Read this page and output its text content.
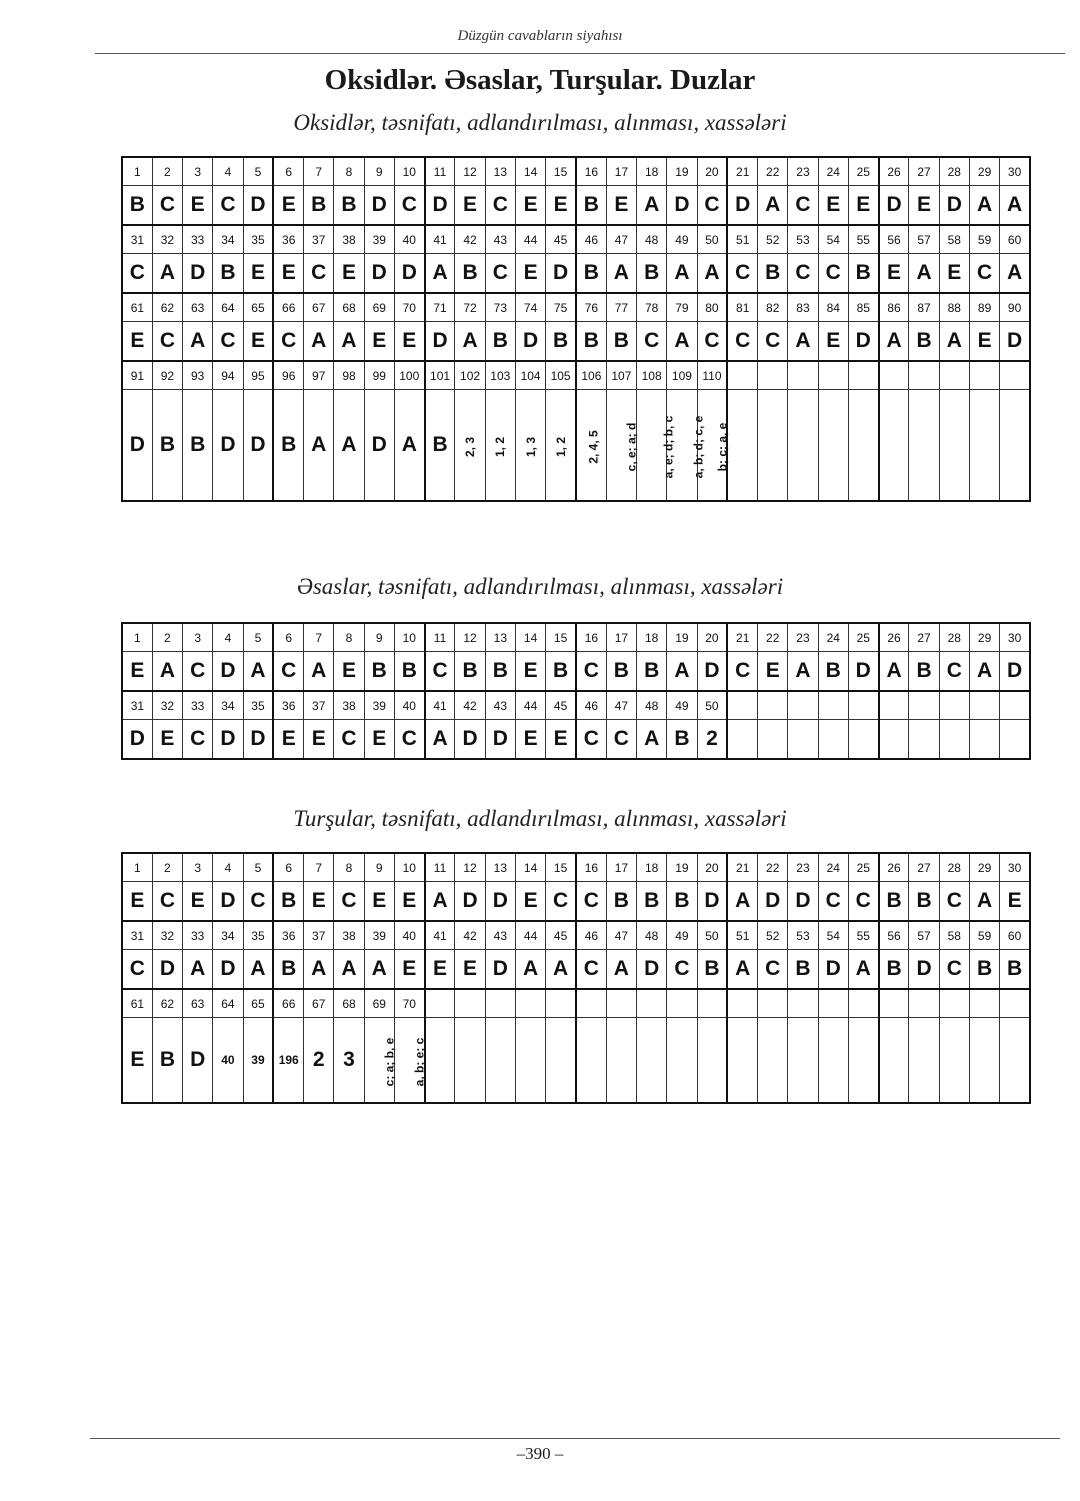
Düzgün cavabların siyahısı
Oksidlər. Əsaslar, Turşular. Duzlar
Oksidlər, təsnifatı, adlandırılması, alınması, xassələri
1	2	3	4	5	6	7	8	9	10	11	12	13	14	15	16	17	18	19	20	21	22	23	24	25	26	27	28	29	30
B	C	E	C	D	E	B	B	D	C	D	E	C	E	E	B	E	A	D	C	D	A	C	E	E	D	E	D	A	A
31	32	33	34	35	36	37	38	39	40	41	42	43	44	45	46	47	48	49	50	51	52	53	54	55	56	57	58	59	60
C	A	D	B	E	E	C	E	D	D	A	B	C	E	D	B	A	B	A	A	C	B	C	C	B	E	A	E	C	A
61	62	63	64	65	66	67	68	69	70	71	72	73	74	75	76	77	78	79	80	81	82	83	84	85	86	87	88	89	90
E	C	A	C	E	C	A	A	E	E	D	A	B	D	B	B	B	C	A	C	C	C	A	E	D	A	B	A	E	D
91	92	93	94	95	96	97	98	99	100	101	102	103	104	105	106	107	108	109	110										
D	B	B	D	D	B	A	A	D	A	B	2, 3	1, 2	1, 3	1, 2	2, 4, 5	c, e; a; d	a, e; d; b, c	a, b; d; c, e	b; c; a, e										
Əsaslar, təsnifatı, adlandırılması, alınması, xassələri
1	2	3	4	5	6	7	8	9	10	11	12	13	14	15	16	17	18	19	20	21	22	23	24	25	26	27	28	29	30
E	A	C	D	A	C	A	E	B	B	C	B	B	E	B	C	B	B	A	D	C	E	A	B	D	A	B	C	A	D
31	32	33	34	35	36	37	38	39	40	41	42	43	44	45	46	47	48	49	50										
D	E	C	D	D	E	E	C	E	C	A	D	D	E	E	C	C	A	B	2										
Turşular, təsnifatı, adlandırılması, alınması, xassələri
1	2	3	4	5	6	7	8	9	10	11	12	13	14	15	16	17	18	19	20	21	22	23	24	25	26	27	28	29	30
E	C	E	D	C	B	E	C	E	E	A	D	D	E	C	C	B	B	B	D	A	D	D	C	C	B	B	C	A	E
31	32	33	34	35	36	37	38	39	40	41	42	43	44	45	46	47	48	49	50	51	52	53	54	55	56	57	58	59	60
C	D	A	D	A	B	A	A	A	E	E	E	D	A	A	C	A	D	C	B	A	C	B	D	A	B	D	C	B	B
61	62	63	64	65	66	67	68	69	70																				
E	B	D	40	39	196	2	3	c; a; b, e	a, b; e; c																				
–390 –
